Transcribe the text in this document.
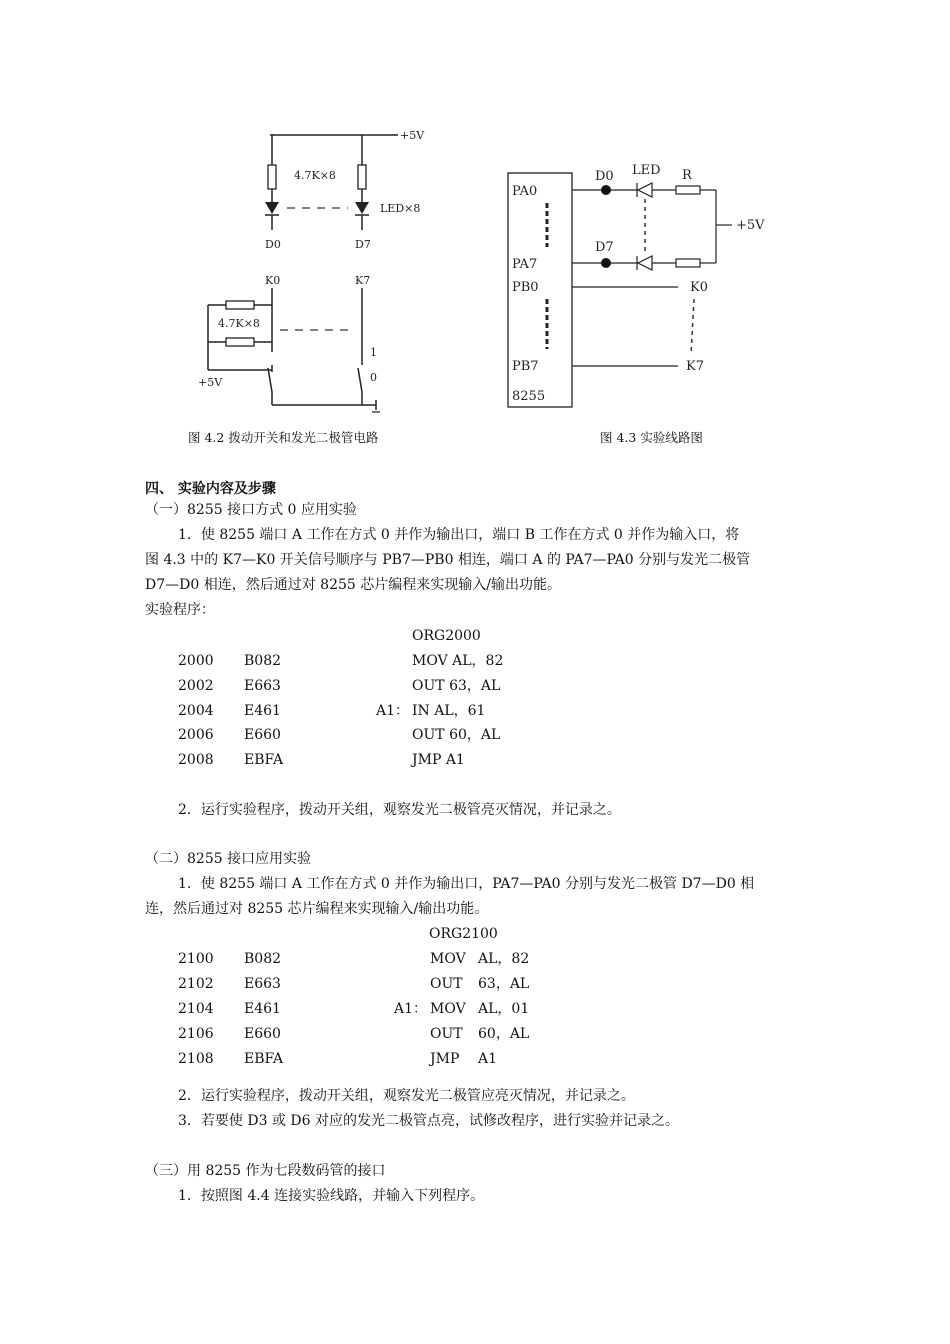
+5V
4.7K×8
LED×8
D0	D7
K0	K7
4.7K×8
+5V
1
0
图 4.2 拨动开关和发光二极管电路
PA0
PA7
PB0
PB7
8255
D0 LED R
D7
+5V
K0
K7
图 4.3 实验线路图
四、 实验内容及步骤
（一）8255 接口方式 0 应用实验
1．使 8255 端口 A 工作在方式 0 并作为输出口，端口 B 工作在方式 0 并作为输入口，将
图 4.3 中的 K7—K0 开关信号顺序与 PB7—PB0 相连，端口 A 的 PA7—PA0 分别与发光二极管
D7—D0 相连，然后通过对 8255 芯片编程来实现输入/输出功能。
实验程序：
ORG2000
2000 B082	MOV AL，82
2002 E663	OUT 63，AL
2004 E461	A1： IN AL，61
2006 E660	OUT 60，AL
2008 EBFA	JMP A1
2．运行实验程序，拨动开关组，观察发光二极管亮灭情况，并记录之。
（二）8255 接口应用实验
1．使 8255 端口 A 工作在方式 0 并作为输出口，PA7—PA0 分别与发光二极管 D7—D0 相
连，然后通过对 8255 芯片编程来实现输入/输出功能。
ORG2100
2100 B082	MOV AL，82
2102 E663	OUT 63，AL
2104 E461	A1： MOV AL，01
2106 E660	OUT 60，AL
2108 EBFA	JMP A1
2．运行实验程序，拨动开关组，观察发光二极管应亮灭情况，并记录之。
3．若要使 D3 或 D6 对应的发光二极管点亮，试修改程序，进行实验并记录之。
（三）用 8255 作为七段数码管的接口
1．按照图 4.4 连接实验线路，并输入下列程序。
